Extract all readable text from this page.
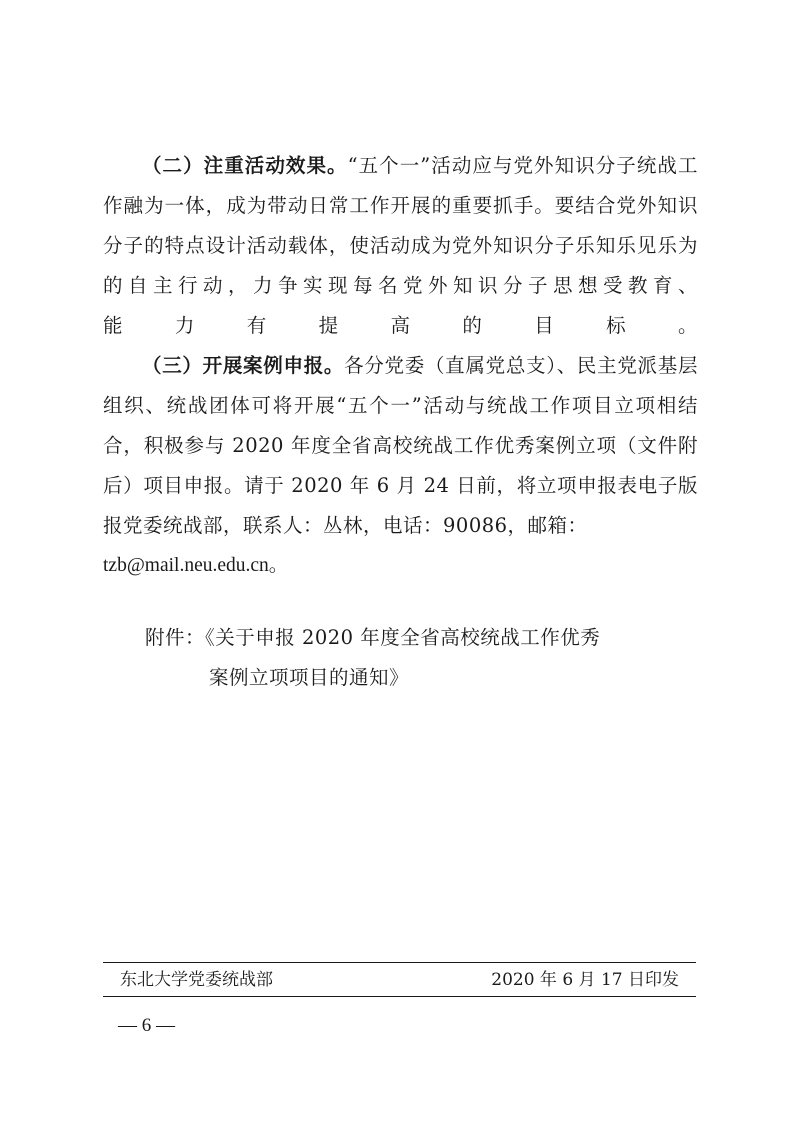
（二）注重活动效果。“五个一”活动应与党外知识分子统战工作融为一体，成为带动日常工作开展的重要抓手。要结合党外知识分子的特点设计活动载体，使活动成为党外知识分子乐知乐见乐为的自主行动，力争实现每名党外知识分子思想受教育、
能力有提高的目标。

（三）开展案例申报。各分党委（直属党总支）、民主党派基层组织、统战团体可将开展“五个一”活动与统战工作项目立项相结合，积极参与 2020 年度全省高校统战工作优秀案例立项（文件附后）项目申报。请于 2020 年 6 月 24 日前，将立项申报表电子版报党委统战部，联系人：丛林，电话：90086，邮箱：

tzb@mail.neu.edu.cn。

附件：《关于申报 2020 年度全省高校统战工作优秀
案例立项项目的通知》
东北大学党委统战部	2020 年 6 月 17 日印发
— 6 —
